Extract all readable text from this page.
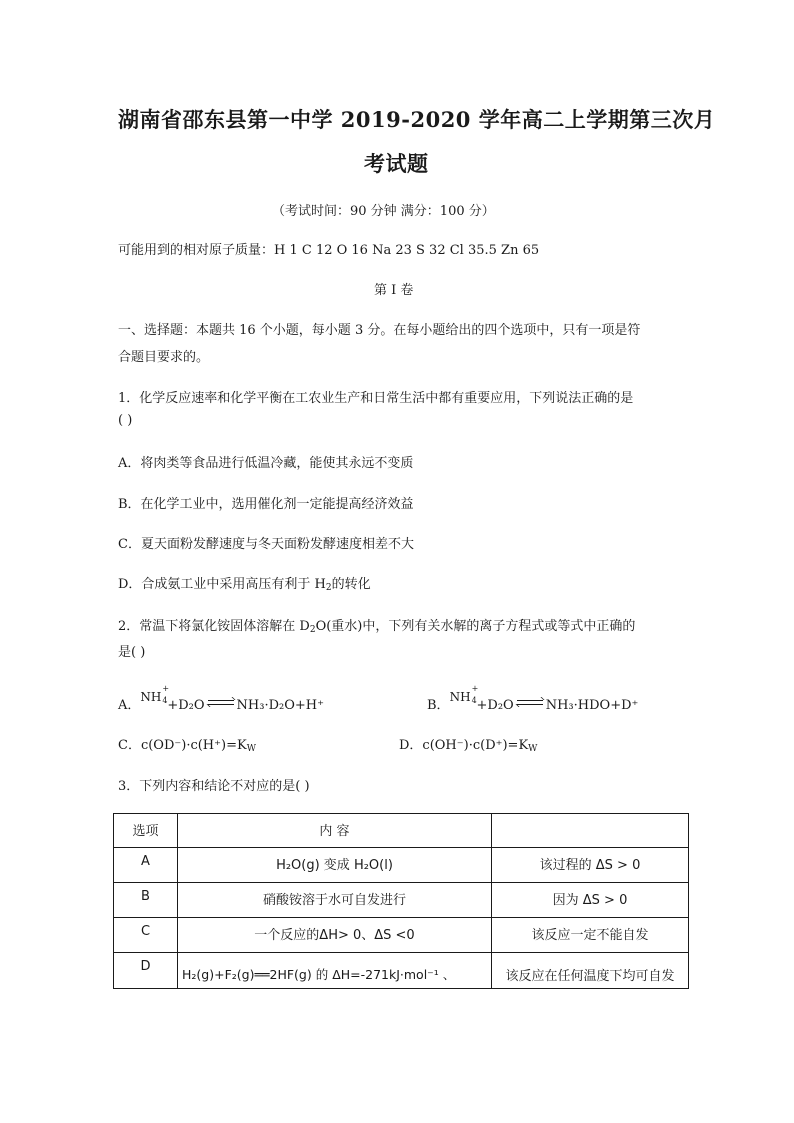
湖南省邵东县第一中学 2019-2020 学年高二上学期第三次月
考试题
（考试时间：90 分钟 满分：100 分）
可能用到的相对原子质量：H 1 C 12 O 16 Na 23 S 32 Cl 35.5 Zn 65
第 I 卷
一、选择题：本题共 16 个小题，每小题 3 分。在每小题给出的四个选项中，只有一项是符
合题目要求的。
1．化学反应速率和化学平衡在工农业生产和日常生活中都有重要应用，下列说法正确的是
( )
A．将肉类等食品进行低温冷藏，能使其永远不变质
B．在化学工业中，选用催化剂一定能提高经济效益
C．夏天面粉发酵速度与冬天面粉发酵速度相差不大
D．合成氨工业中采用高压有利于 $H_2$的转化
2．常温下将氯化铵固体溶解在 $D_2O$(重水)中，下列有关水解的离子方程式或等式中正确的
是( )
A．NH
+
4 +D₂O NH₃·D₂O+H⁺	B．NH
+
4 +D₂O NH₃·HDO+D⁺
C．$c(OD^-)\cdot c(H^+)=K_W$	D．$c(OH^-)\cdot c(D^+)=K_W$
3．下列内容和结论不对应的是( )
选项	内 容	
A	H₂O(g) 变成 H₂O(l)	该过程的 ΔS > 0
B	硝酸铵溶于水可自发进行	因为 ΔS > 0
C	一个反应的ΔH> 0、ΔS <0	该反应一定不能自发
D	H₂(g)+F₂(g)══2HF(g) 的 ΔH=-271kJ·mol⁻¹ 、	该反应在任何温度下均可自发
